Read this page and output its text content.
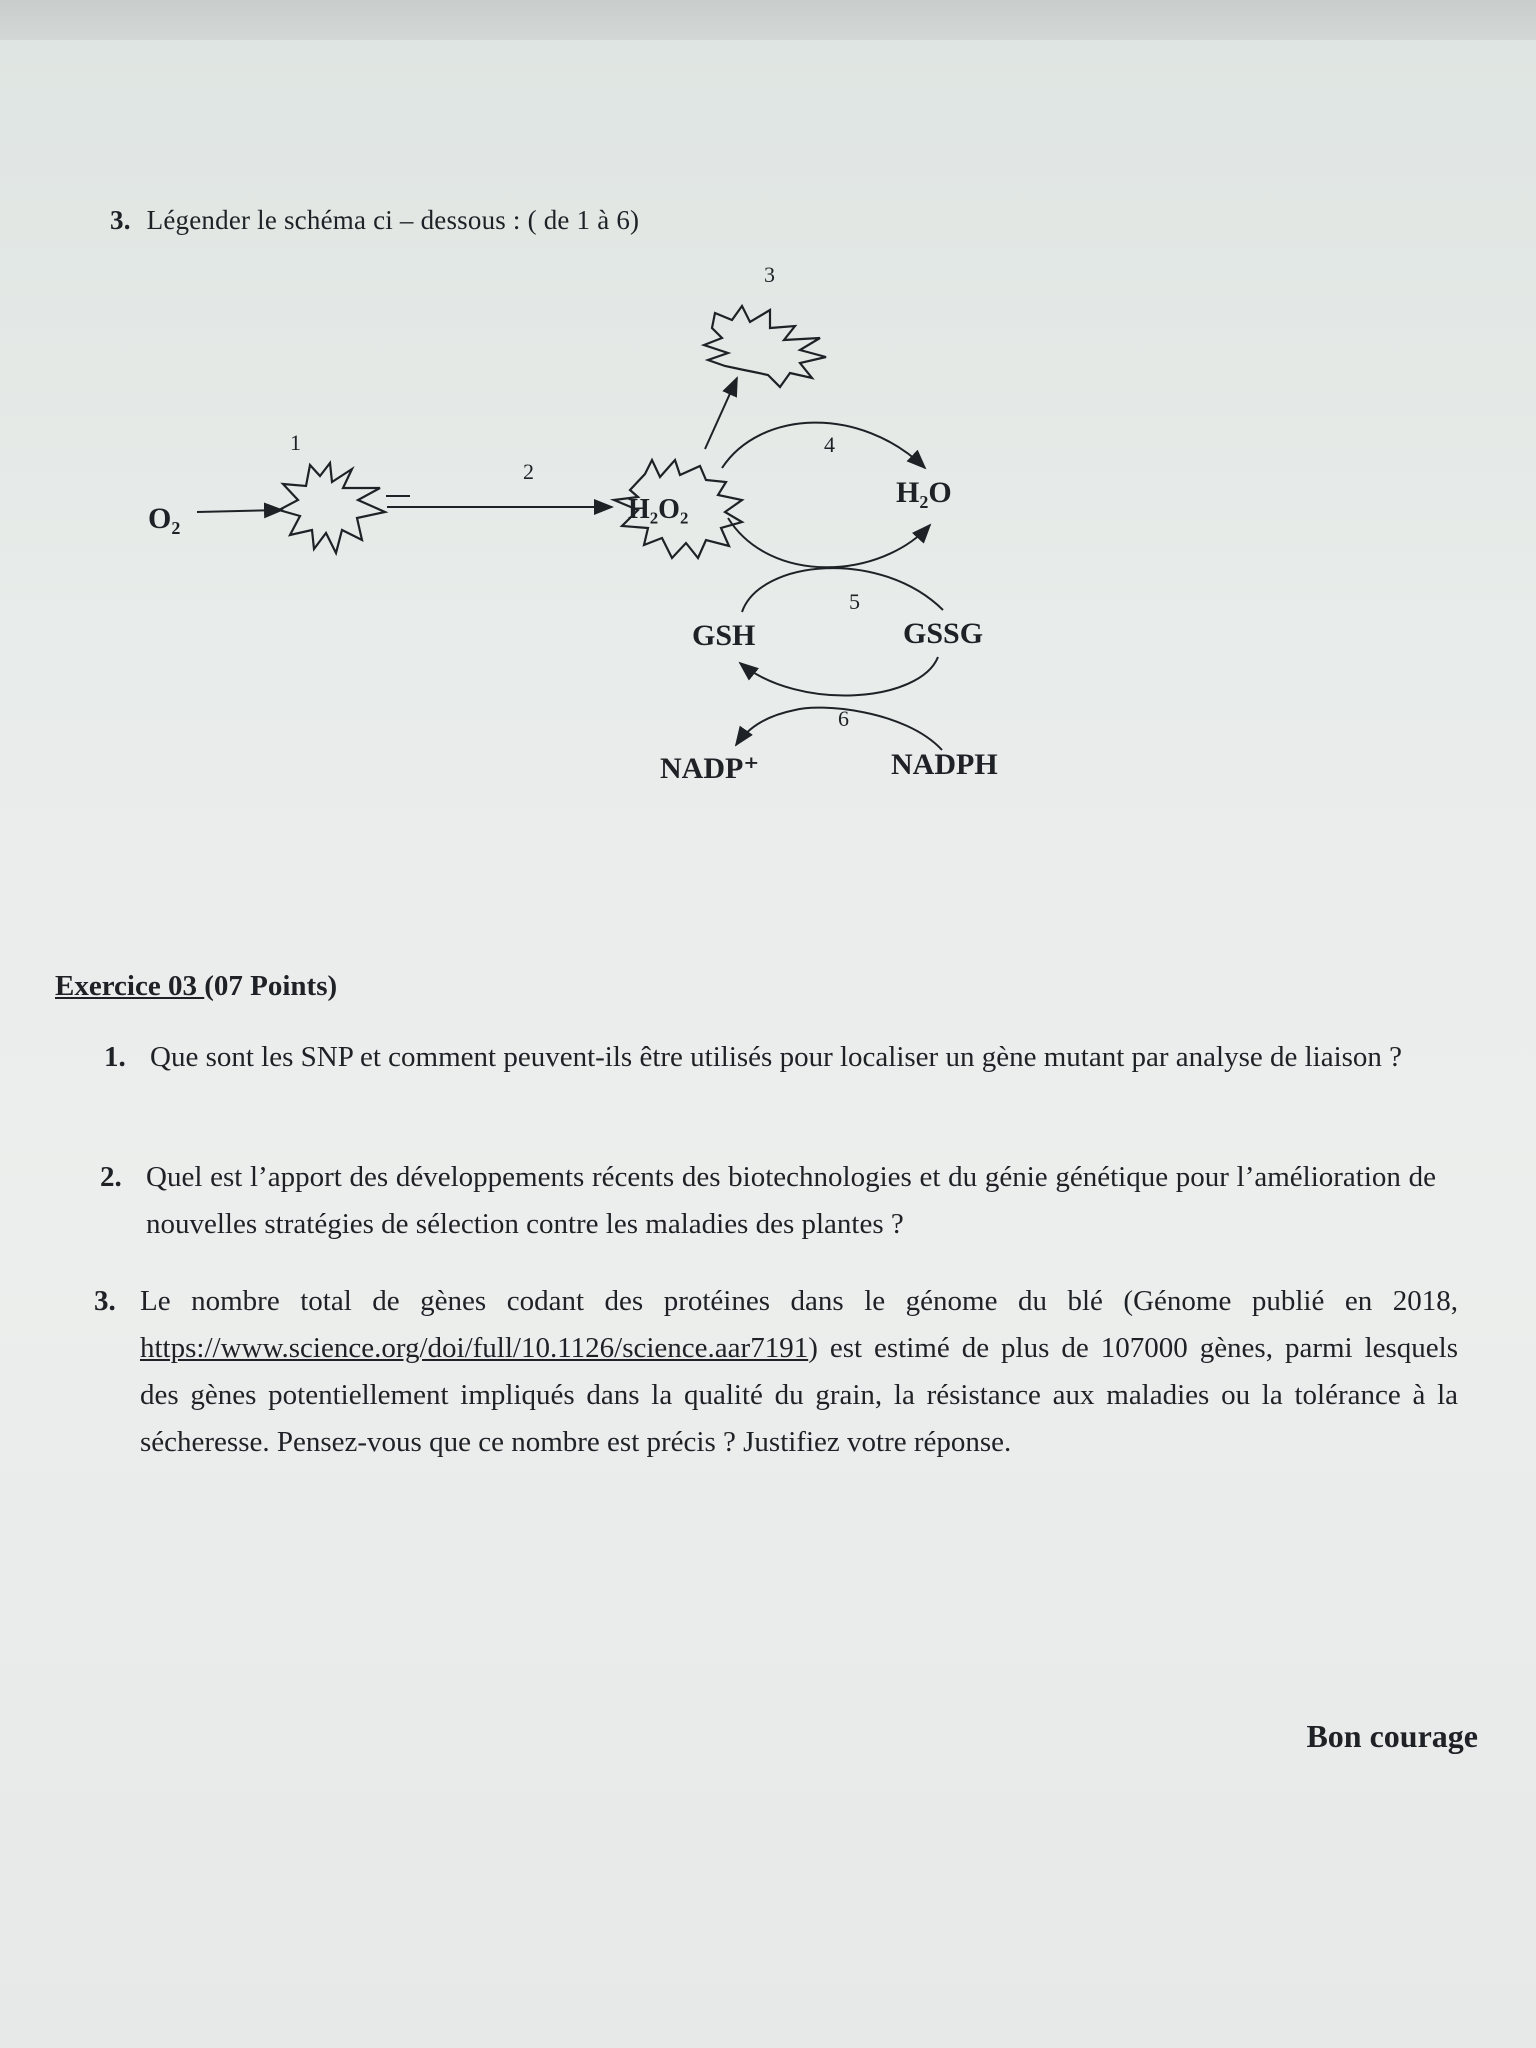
3. Légender le schéma ci – dessous : ( de 1 à 6)
1
2
3
4
5
6
O₂	H₂O₂
H₂O
GSH	GSSG
NADP⁺	NADPH
Exercice 03 (07 Points)
1. Que sont les SNP et comment peuvent-ils être utilisés pour localiser un gène mutant par analyse de liaison ?
2. Quel est l’apport des développements récents des biotechnologies et du génie génétique pour l’amélioration de nouvelles stratégies de sélection contre les maladies des plantes ?
3. Le nombre total de gènes codant des protéines dans le génome du blé (Génome publié en 2018, https://www.science.org/doi/full/10.1126/science.aar7191) est estimé de plus de 107000 gènes, parmi lesquels des gènes potentiellement impliqués dans la qualité du grain, la résistance aux maladies ou la tolérance à la sécheresse. Pensez-vous que ce nombre est précis ? Justifiez votre réponse.
Bon courage
